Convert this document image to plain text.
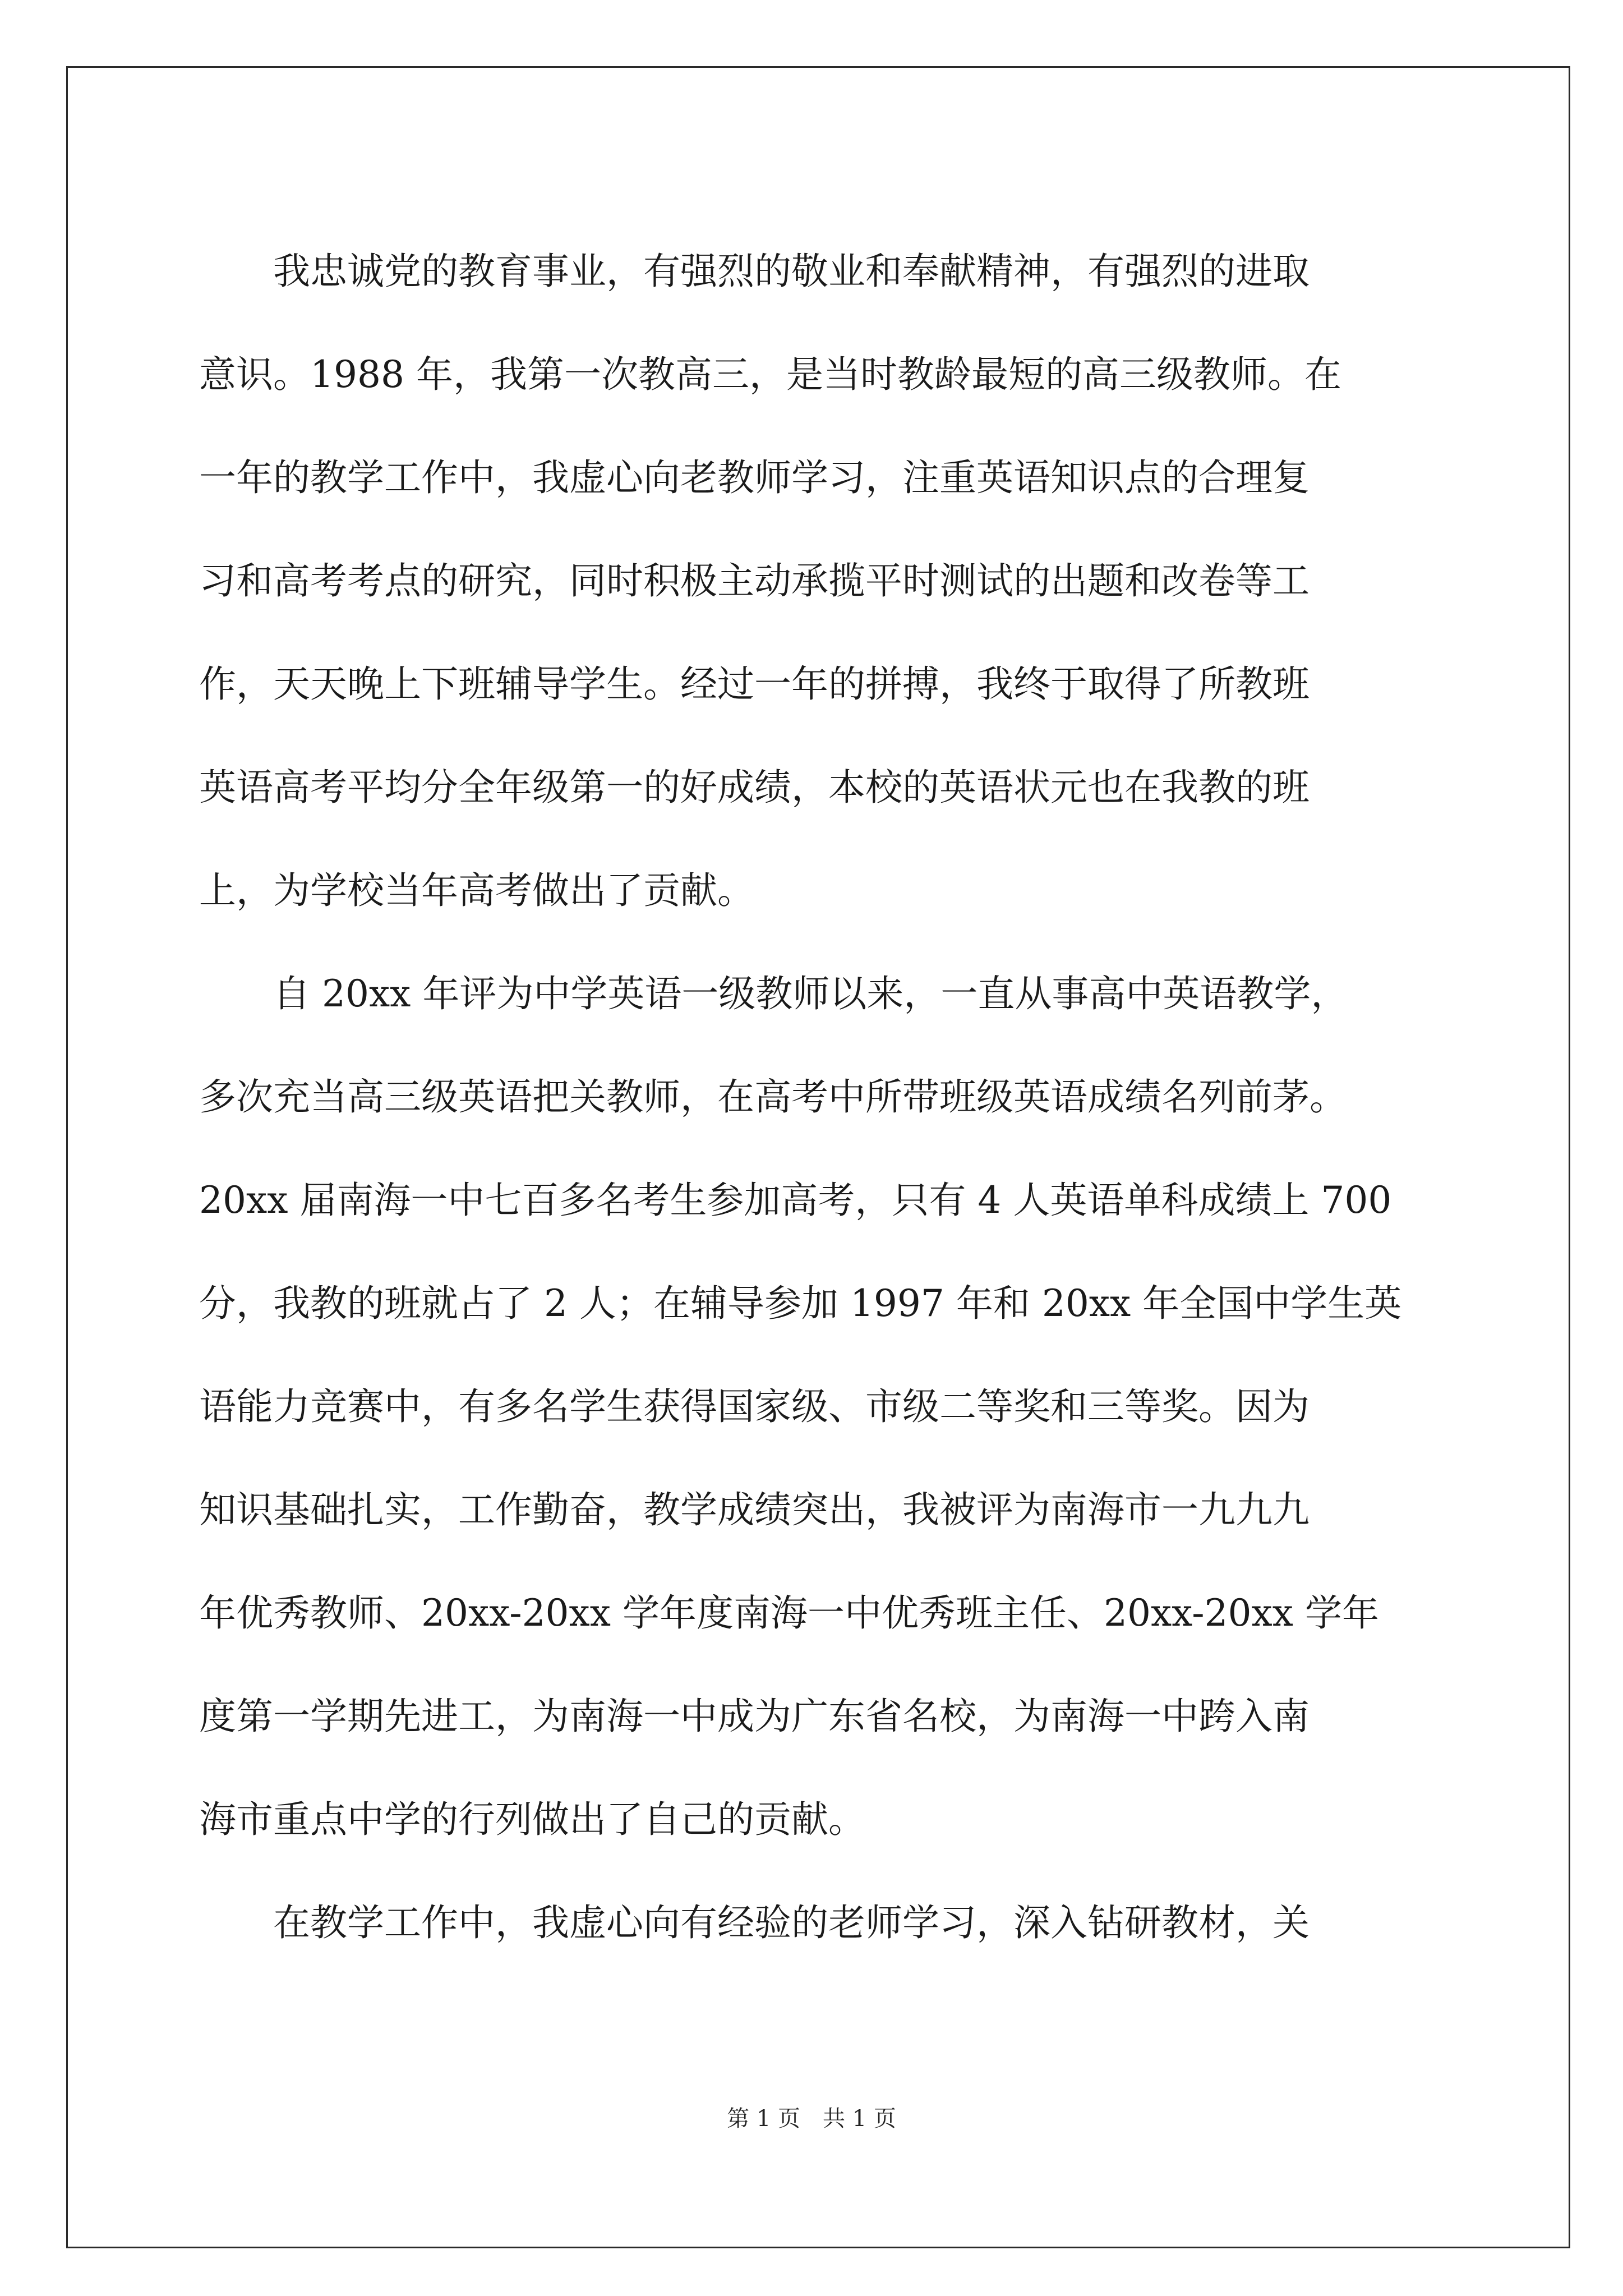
　　我忠诚党的教育事业，有强烈的敬业和奉献精神，有强烈的进取
意识。1988 年，我第一次教高三，是当时教龄最短的高三级教师。在
一年的教学工作中，我虚心向老教师学习，注重英语知识点的合理复
习和高考考点的研究，同时积极主动承揽平时测试的出题和改卷等工
作，天天晚上下班辅导学生。经过一年的拼搏，我终于取得了所教班
英语高考平均分全年级第一的好成绩，本校的英语状元也在我教的班
上，为学校当年高考做出了贡献。

　　自 20xx 年评为中学英语一级教师以来，一直从事高中英语教学，
多次充当高三级英语把关教师，在高考中所带班级英语成绩名列前茅。
20xx 届南海一中七百多名考生参加高考，只有 4 人英语单科成绩上 700
分，我教的班就占了 2 人；在辅导参加 1997 年和 20xx 年全国中学生英
语能力竞赛中，有多名学生获得国家级、市级二等奖和三等奖。因为
知识基础扎实，工作勤奋，教学成绩突出，我被评为南海市一九九九
年优秀教师、20xx-20xx 学年度南海一中优秀班主任、20xx-20xx 学年
度第一学期先进工，为南海一中成为广东省名校，为南海一中跨入南
海市重点中学的行列做出了自己的贡献。

　　在教学工作中，我虚心向有经验的老师学习，深入钻研教材，关

第 1 页　共 1 页
